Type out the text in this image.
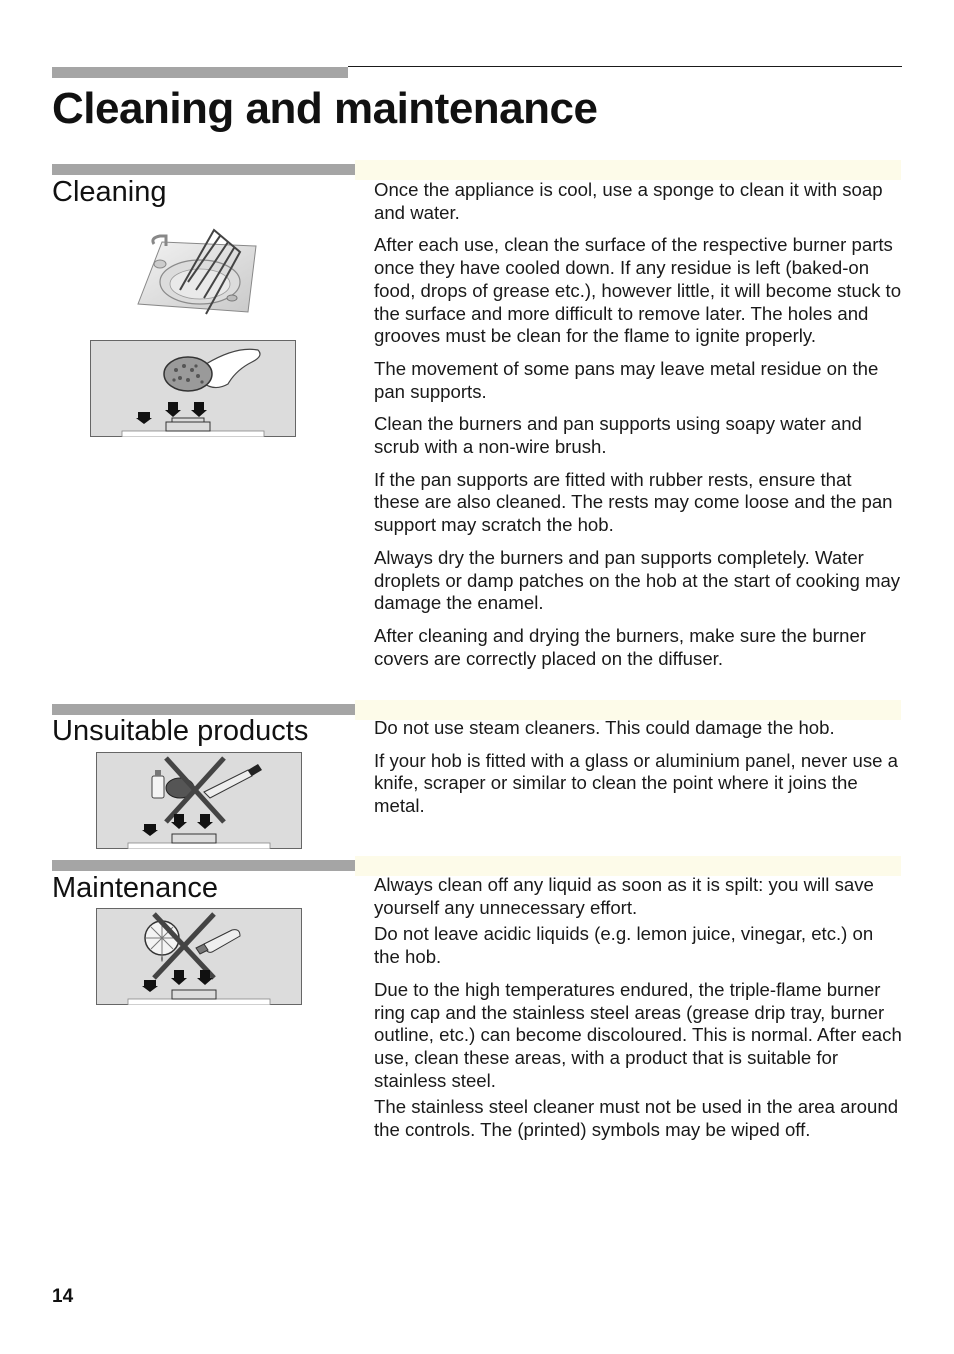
Cleaning and maintenance
Cleaning	Once the appliance is cool, use a sponge to clean it with soap and water.

After each use, clean the surface of the respective burner parts once they have cooled down. If any residue is left (baked-on food, drops of grease etc.), however little, it will become stuck to the surface and more difficult to remove later. The holes and grooves must be clean for the flame to ignite properly.

The movement of some pans may leave metal residue on the pan supports.

Clean the burners and pan supports using soapy water and scrub with a non-wire brush.

If the pan supports are fitted with rubber rests, ensure that these are also cleaned. The rests may come loose and the pan support may scratch the hob.

Always dry the burners and pan supports completely. Water droplets or damp patches on the hob at the start of cooking may damage the enamel.

After cleaning and drying the burners, make sure the burner covers are correctly placed on the diffuser.

Unsuitable products	Do not use steam cleaners. This could damage the hob.

If your hob is fitted with a glass or aluminium panel, never use a knife, scraper or similar to clean the point where it joins the metal.

Maintenance	Always clean off any liquid as soon as it is spilt: you will save yourself any unnecessary effort.

Do not leave acidic liquids (e.g. lemon juice, vinegar, etc.) on the hob.

Due to the high temperatures endured, the triple-flame burner ring cap and the stainless steel areas (grease drip tray, burner outline, etc.) can become discoloured. This is normal. After each use, clean these areas, with a product that is suitable for stainless steel.

The stainless steel cleaner must not be used in the area around the controls. The (printed) symbols may be wiped off.

14
